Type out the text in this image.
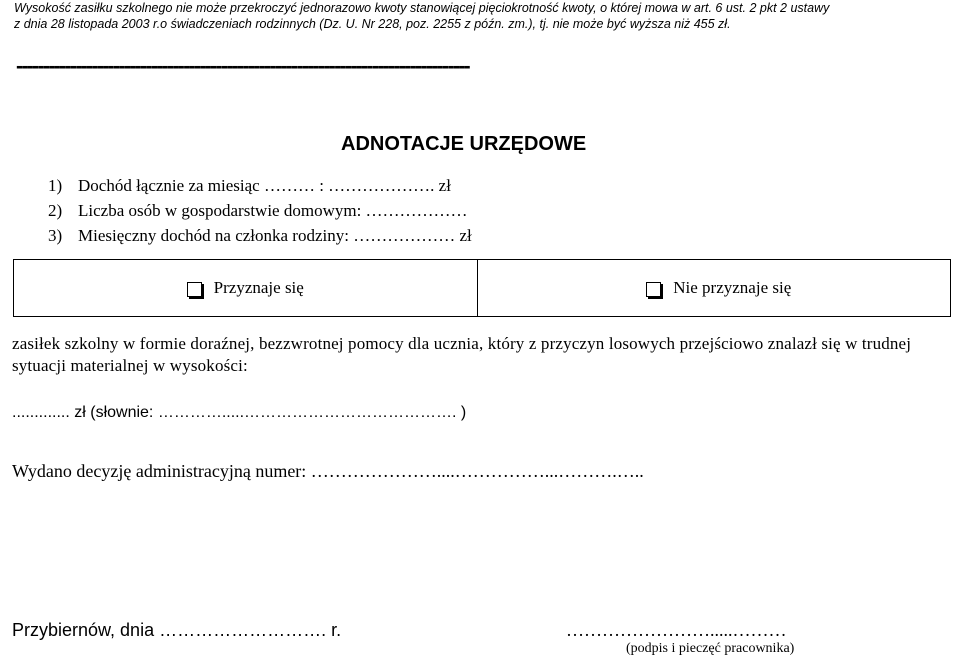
Wysokość zasiłku szkolnego nie może przekroczyć jednorazowo kwoty stanowiącej pięciokrotność kwoty, o której mowa w art. 6 ust. 2 pkt 2 ustawy
z dnia 28 listopada 2003 r.o świadczeniach rodzinnych (Dz. U. Nr 228, poz. 2255 z późn. zm.), tj. nie może być wyższa niż 455 zł.
------------------------------------------------------------------------------------
ADNOTACJE URZĘDOWE
1) Dochód łącznie za miesiąc ……… : ………………. zł
2) Liczba osób w gospodarstwie domowym: ………………
3) Miesięczny dochód na członka rodziny: ……………… zł
Przyznaje się	Nie przyznaje się
zasiłek szkolny w formie doraźnej, bezzwrotnej pomocy dla ucznia, który z przyczyn losowych przejściowo znalazł się w trudnej sytuacji materialnej w wysokości:
............. zł (słownie: ………….....…………………………………. )
Wydano decyzję administracyjną numer: …………………....……………...……….…..
Przybiernów, dnia ………………………. r.	…………………….....………
(podpis i pieczęć pracownika)
